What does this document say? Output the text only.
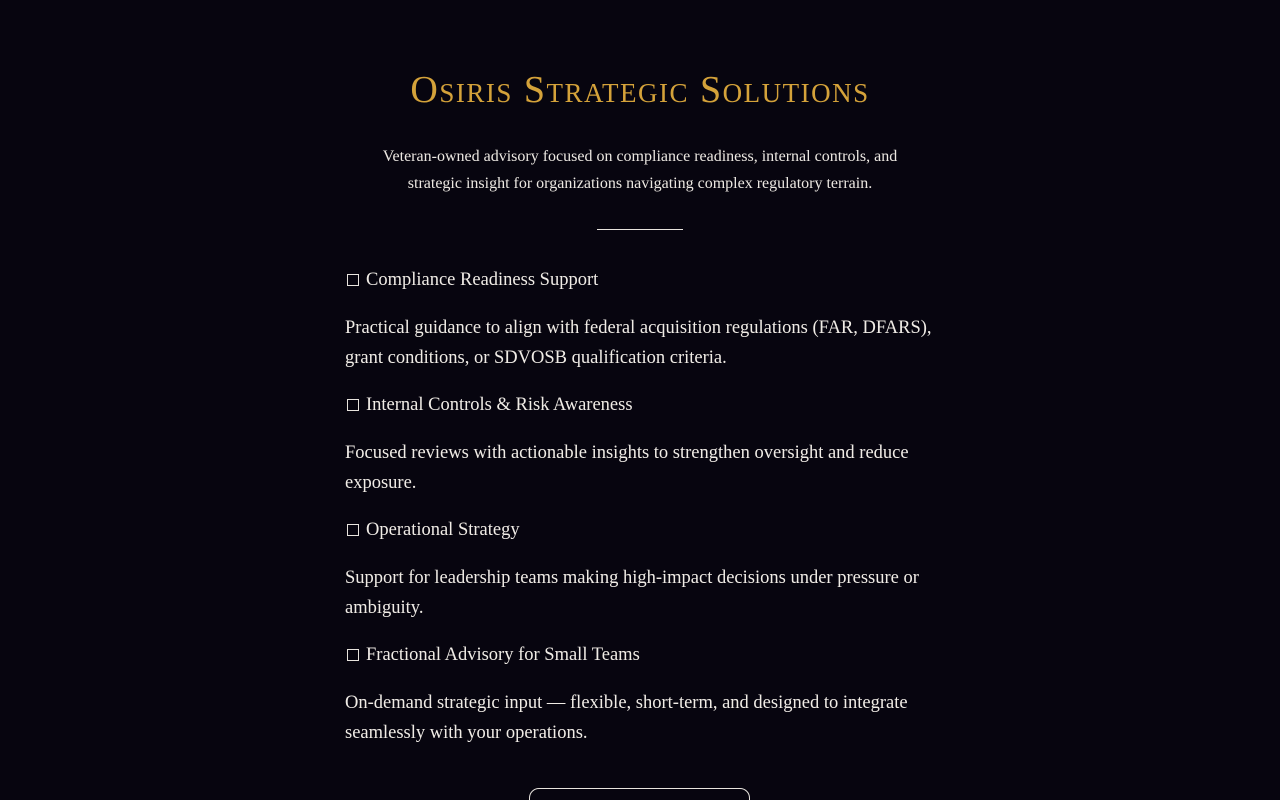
Osiris Strategic Solutions

Veteran-owned advisory focused on compliance readiness, internal controls, and strategic insight for organizations navigating complex regulatory terrain.

Compliance Readiness Support

Practical guidance to align with federal acquisition regulations (FAR, DFARS), grant conditions, or SDVOSB qualification criteria.

Internal Controls & Risk Awareness

Focused reviews with actionable insights to strengthen oversight and reduce exposure.

Operational Strategy

Support for leadership teams making high-impact decisions under pressure or ambiguity.

Fractional Advisory for Small Teams

On-demand strategic input — flexible, short-term, and designed to integrate seamlessly with your operations.
